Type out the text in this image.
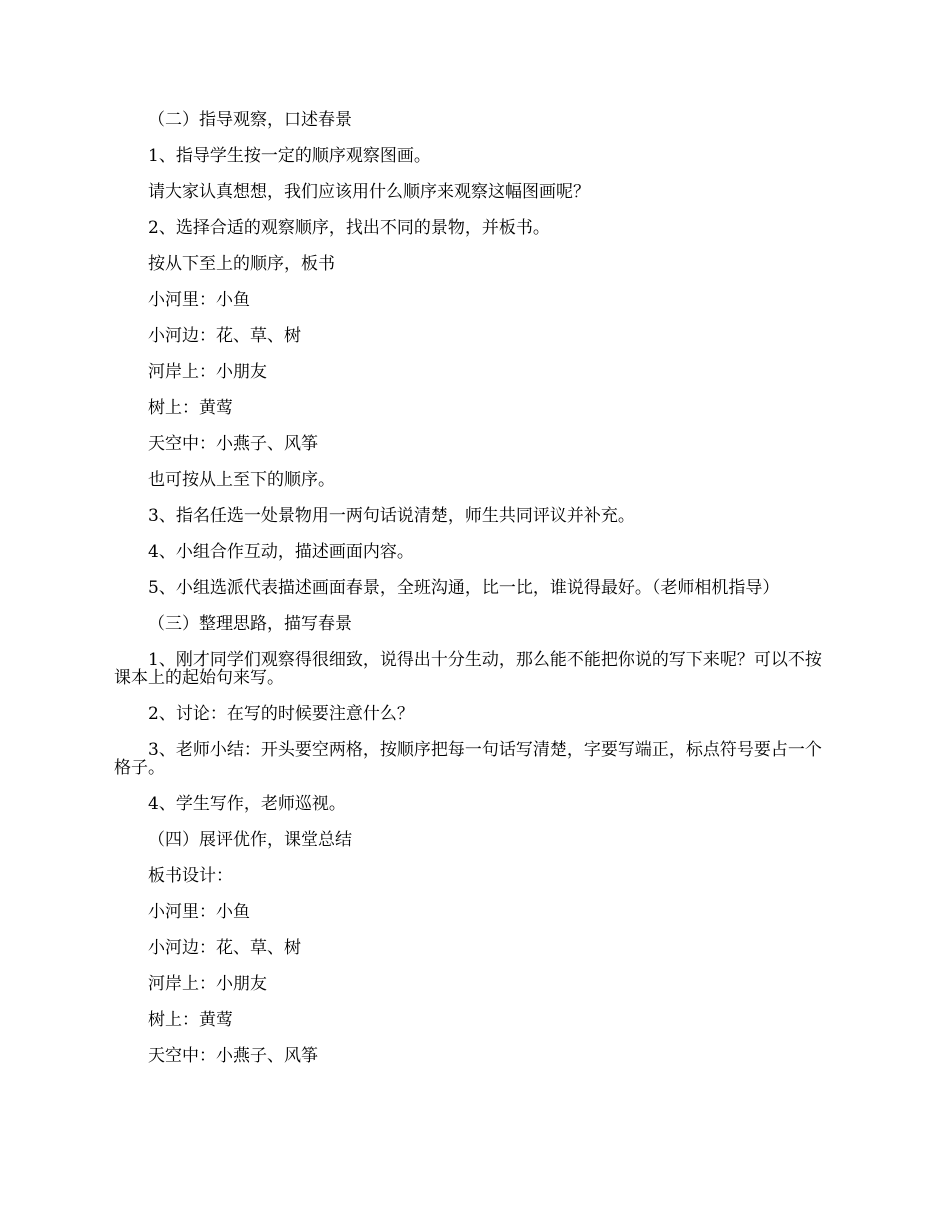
（二）指导观察，口述春景

1、指导学生按一定的顺序观察图画。

请大家认真想想，我们应该用什么顺序来观察这幅图画呢？

2、选择合适的观察顺序，找出不同的景物，并板书。

按从下至上的顺序，板书

小河里：小鱼

小河边：花、草、树

河岸上：小朋友

树上：黄莺

天空中：小燕子、风筝

也可按从上至下的顺序。

3、指名任选一处景物用一两句话说清楚，师生共同评议并补充。

4、小组合作互动，描述画面内容。

5、小组选派代表描述画面春景，全班沟通，比一比，谁说得最好。（老师相机指导）

（三）整理思路，描写春景

1、刚才同学们观察得很细致，说得出十分生动，那么能不能把你说的写下来呢？可以不按课本上的起始句来写。

2、讨论：在写的时候要注意什么？

3、老师小结：开头要空两格，按顺序把每一句话写清楚，字要写端正，标点符号要占一个格子。

4、学生写作，老师巡视。

（四）展评优作，课堂总结

板书设计：

小河里：小鱼

小河边：花、草、树

河岸上：小朋友

树上：黄莺

天空中：小燕子、风筝
